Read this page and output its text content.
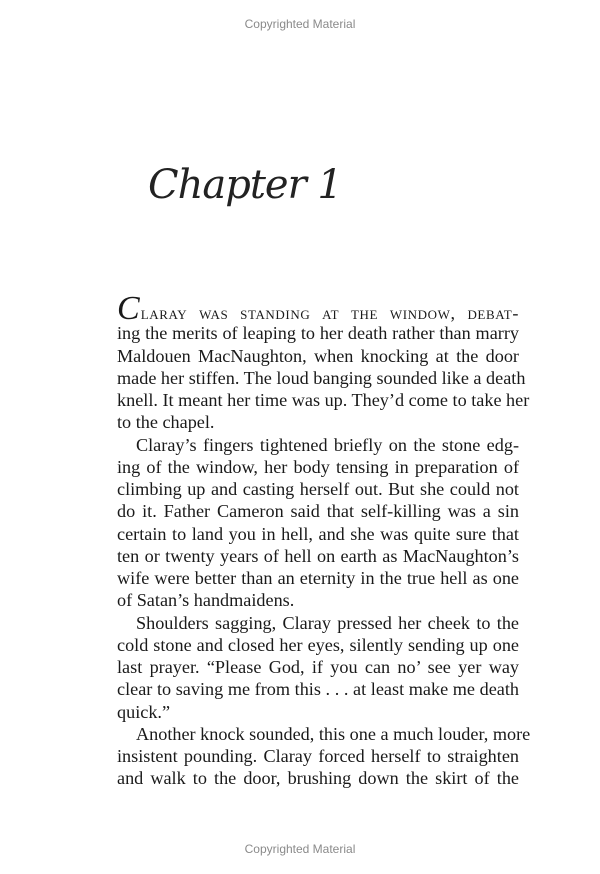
Copyrighted Material
Chapter 1
Claray was standing at the window, debat-
ing the merits of leaping to her death rather than marry
Maldouen MacNaughton, when knocking at the door
made her stiffen. The loud banging sounded like a death
knell. It meant her time was up. They’d come to take her
to the chapel.
Claray’s fingers tightened briefly on the stone edg-
ing of the window, her body tensing in preparation of
climbing up and casting herself out. But she could not
do it. Father Cameron said that self-killing was a sin
certain to land you in hell, and she was quite sure that
ten or twenty years of hell on earth as MacNaughton’s
wife were better than an eternity in the true hell as one
of Satan’s handmaidens.
Shoulders sagging, Claray pressed her cheek to the
cold stone and closed her eyes, silently sending up one
last prayer. “Please God, if you can no’ see yer way
clear to saving me from this . . . at least make me death
quick.”
Another knock sounded, this one a much louder, more
insistent pounding. Claray forced herself to straighten
and walk to the door, brushing down the skirt of the
Copyrighted Material
